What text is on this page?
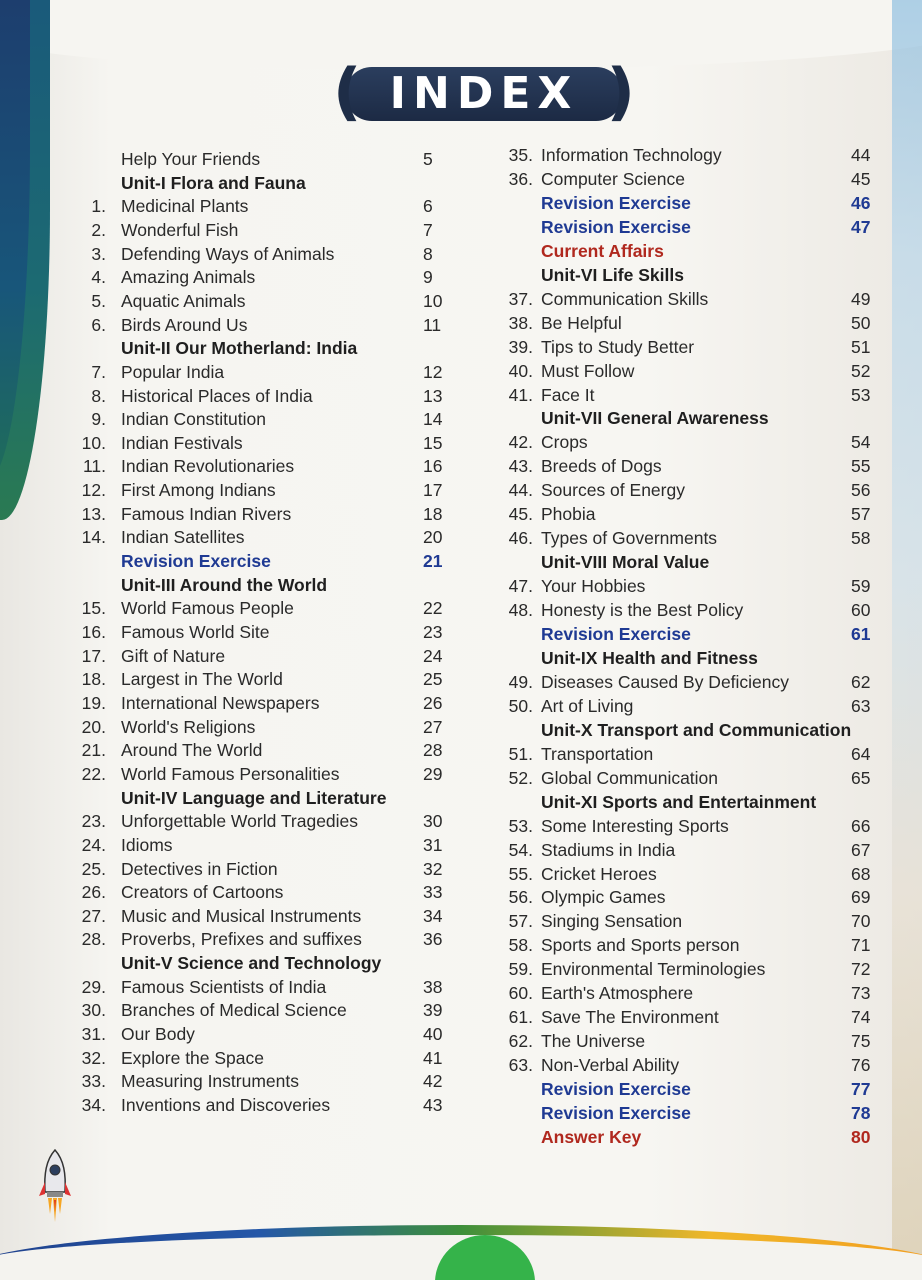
(	)
INDEX
Help Your Friends	5
Unit-I Flora and Fauna
1. Medicinal Plants	6
2. Wonderful Fish	7
3. Defending Ways of Animals	8
4. Amazing Animals	9
5. Aquatic Animals	10
6. Birds Around Us	11
Unit-II Our Motherland: India
7. Popular India	12
8. Historical Places of India	13
9. Indian Constitution	14
10. Indian Festivals	15
11. Indian Revolutionaries	16
12. First Among Indians	17
13. Famous Indian Rivers	18
14. Indian Satellites	20
Revision Exercise	21
Unit-III Around the World
15. World Famous People	22
16. Famous World Site	23
17. Gift of Nature	24
18. Largest in The World	25
19. International Newspapers	26
20. World's Religions	27
21. Around The World	28
22. World Famous Personalities	29
Unit-IV Language and Literature
23. Unforgettable World Tragedies	30
24. Idioms	31
25. Detectives in Fiction	32
26. Creators of Cartoons	33
27. Music and Musical Instruments	34
28. Proverbs, Prefixes and suffixes	36
Unit-V Science and Technology
29. Famous Scientists of India	38
30. Branches of Medical Science	39
31. Our Body	40
32. Explore the Space	41
33. Measuring Instruments	42
34. Inventions and Discoveries	43
35. Information Technology	44
36. Computer Science	45
Revision Exercise	46
Revision Exercise	47
Current Affairs
Unit-VI Life Skills
37. Communication Skills	49
38. Be Helpful	50
39. Tips to Study Better	51
40. Must Follow	52
41. Face It	53
Unit-VII General Awareness
42. Crops	54
43. Breeds of Dogs	55
44. Sources of Energy	56
45. Phobia	57
46. Types of Governments	58
Unit-VIII Moral Value
47. Your Hobbies	59
48. Honesty is the Best Policy	60
Revision Exercise	61
Unit-IX Health and Fitness
49. Diseases Caused By Deficiency	62
50. Art of Living	63
Unit-X Transport and Communication
51. Transportation	64
52. Global Communication	65
Unit-XI Sports and Entertainment
53. Some Interesting Sports	66
54. Stadiums in India	67
55. Cricket Heroes	68
56. Olympic Games	69
57. Singing Sensation	70
58. Sports and Sports person	71
59. Environmental Terminologies	72
60. Earth's Atmosphere	73
61. Save The Environment	74
62. The Universe	75
63. Non-Verbal Ability	76
Revision Exercise	77
Revision Exercise	78
Answer Key	80
